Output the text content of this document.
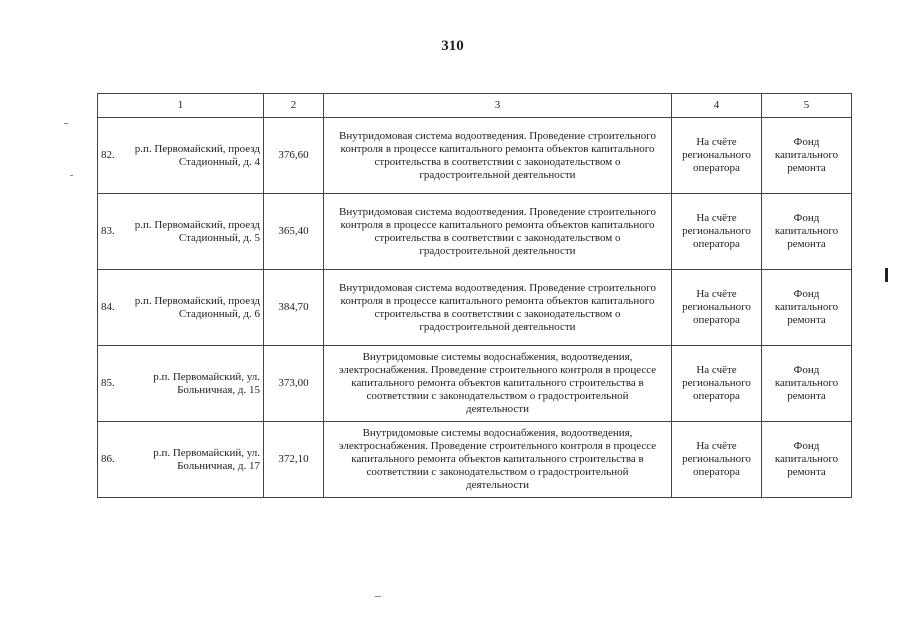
310
1	2	3	4	5

82.
р.п. Первомайский, проезд Стадионный, д. 4	376,60	Внутридомовая система водоотведения. Проведение строительного контроля в процессе капитального ремонта объектов капитального строительства в соответствии с законодательством о градостроительной деятельности	На счёте регионального оператора	Фонд капитального ремонта

83.
р.п. Первомайский, проезд Стадионный, д. 5	365,40	Внутридомовая система водоотведения. Проведение строительного контроля в процессе капитального ремонта объектов капитального строительства в соответствии с законодательством о градостроительной деятельности	На счёте регионального оператора	Фонд капитального ремонта

84.
р.п. Первомайский, проезд Стадионный, д. 6	384,70	Внутридомовая система водоотведения. Проведение строительного контроля в процессе капитального ремонта объектов капитального строительства в соответствии с законодательством о градостроительной деятельности	На счёте регионального оператора	Фонд капитального ремонта

85.
р.п. Первомайский, ул. Больничная, д. 15	373,00	Внутридомовые системы водоснабжения, водоотведения, электроснабжения. Проведение строительного контроля в процессе капитального ремонта объектов капитального строительства в соответствии с законодательством о градостроительной деятельности	На счёте регионального оператора	Фонд капитального ремонта

86.
р.п. Первомайский, ул. Больничная, д. 17	372,10	Внутридомовые системы водоснабжения, водоотведения, электроснабжения. Проведение строительного контроля в процессе капитального ремонта объектов капитального строительства в соответствии с законодательством о градостроительной деятельности	На счёте регионального оператора	Фонд капитального ремонта
